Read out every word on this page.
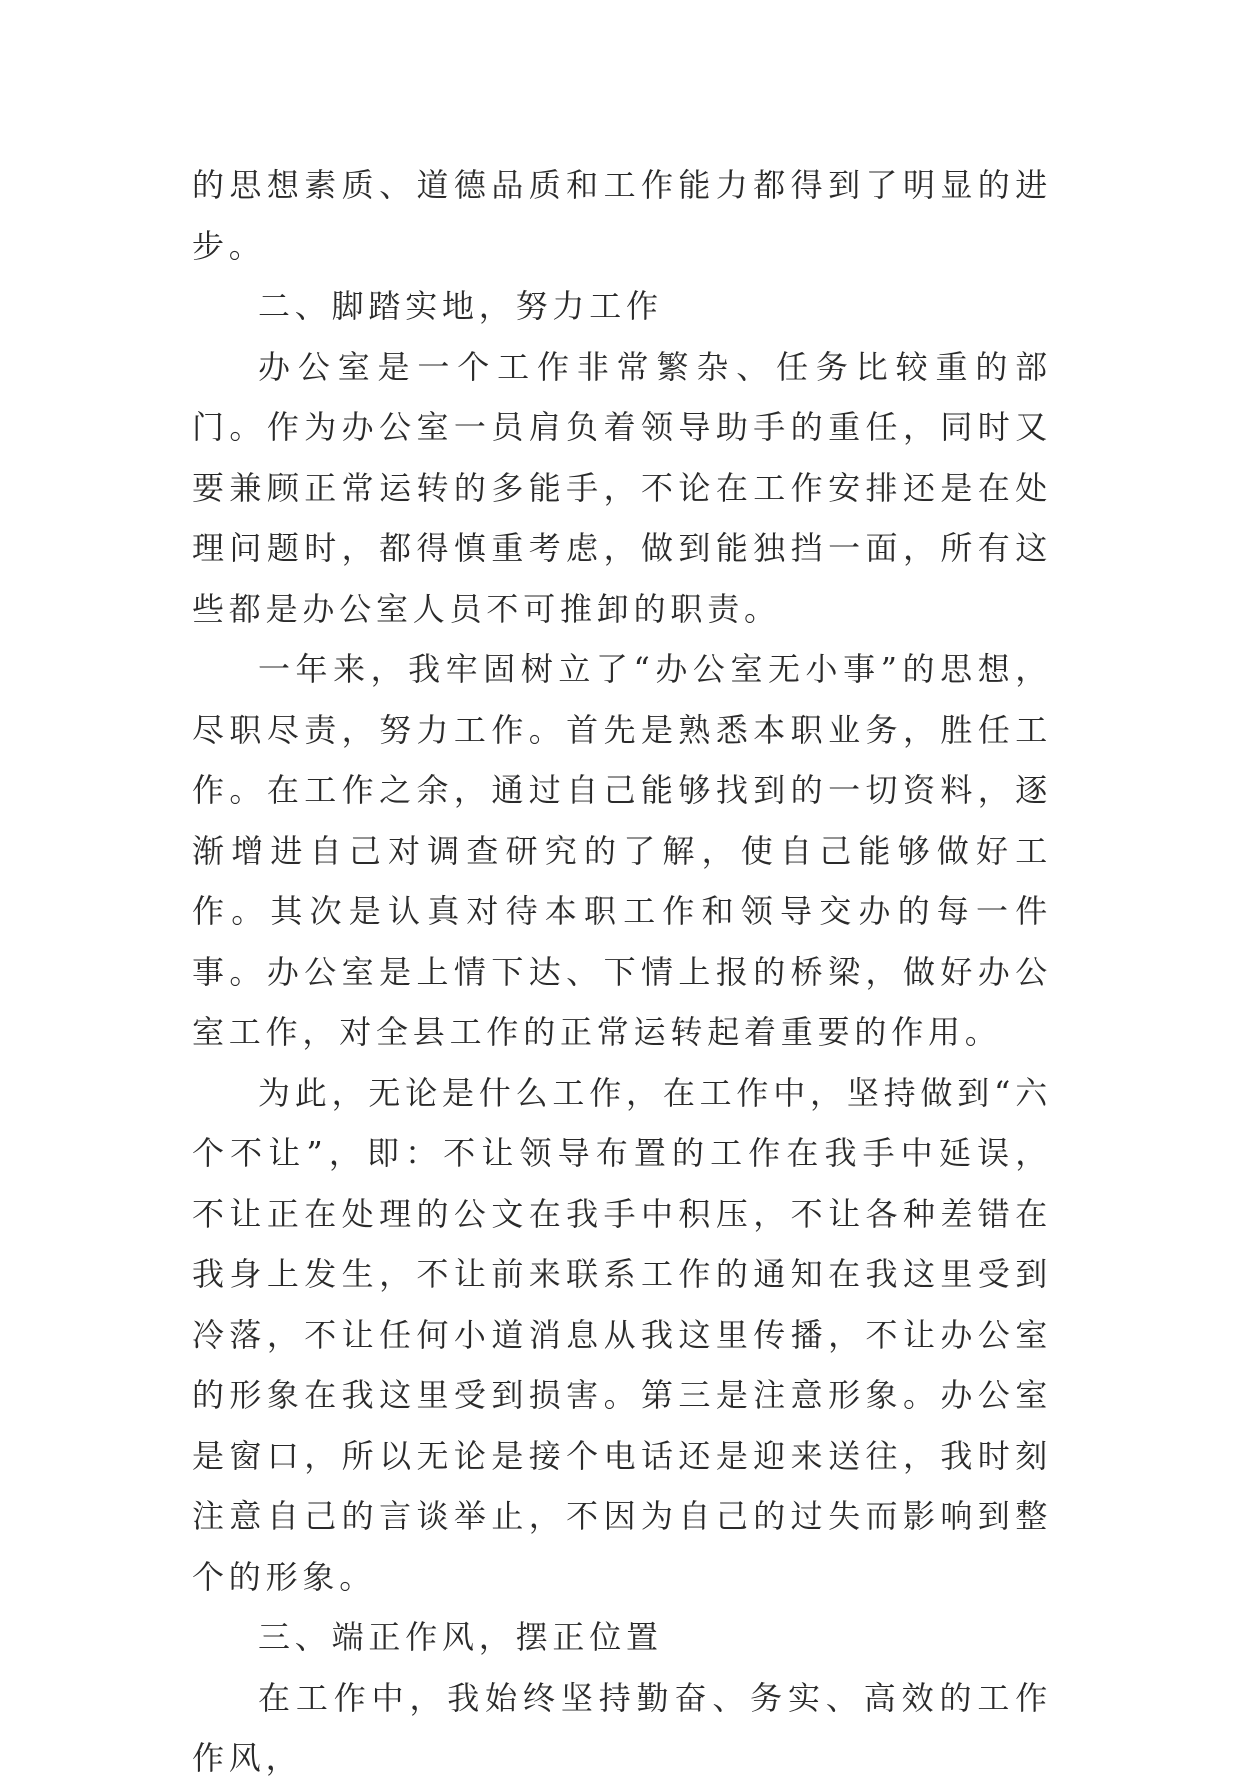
的思想素质、道德品质和工作能力都得到了明显的进步。

二、脚踏实地，努力工作

办公室是一个工作非常繁杂、任务比较重的部门。作为办公室一员肩负着领导助手的重任，同时又要兼顾正常运转的多能手，不论在工作安排还是在处理问题时，都得慎重考虑，做到能独挡一面，所有这些都是办公室人员不可推卸的职责。

一年来，我牢固树立了“办公室无小事”的思想，尽职尽责，努力工作。首先是熟悉本职业务，胜任工作。在工作之余，通过自己能够找到的一切资料，逐渐增进自己对调查研究的了解，使自己能够做好工作。其次是认真对待本职工作和领导交办的每一件事。办公室是上情下达、下情上报的桥梁，做好办公室工作，对全县工作的正常运转起着重要的作用。

为此，无论是什么工作，在工作中，坚持做到“六个不让”，即：不让领导布置的工作在我手中延误，不让正在处理的公文在我手中积压，不让各种差错在我身上发生，不让前来联系工作的通知在我这里受到冷落，不让任何小道消息从我这里传播，不让办公室的形象在我这里受到损害。第三是注意形象。办公室是窗口，所以无论是接个电话还是迎来送往，我时刻注意自己的言谈举止，不因为自己的过失而影响到整个的形象。

三、端正作风，摆正位置

在工作中，我始终坚持勤奋、务实、高效的工作作风，
